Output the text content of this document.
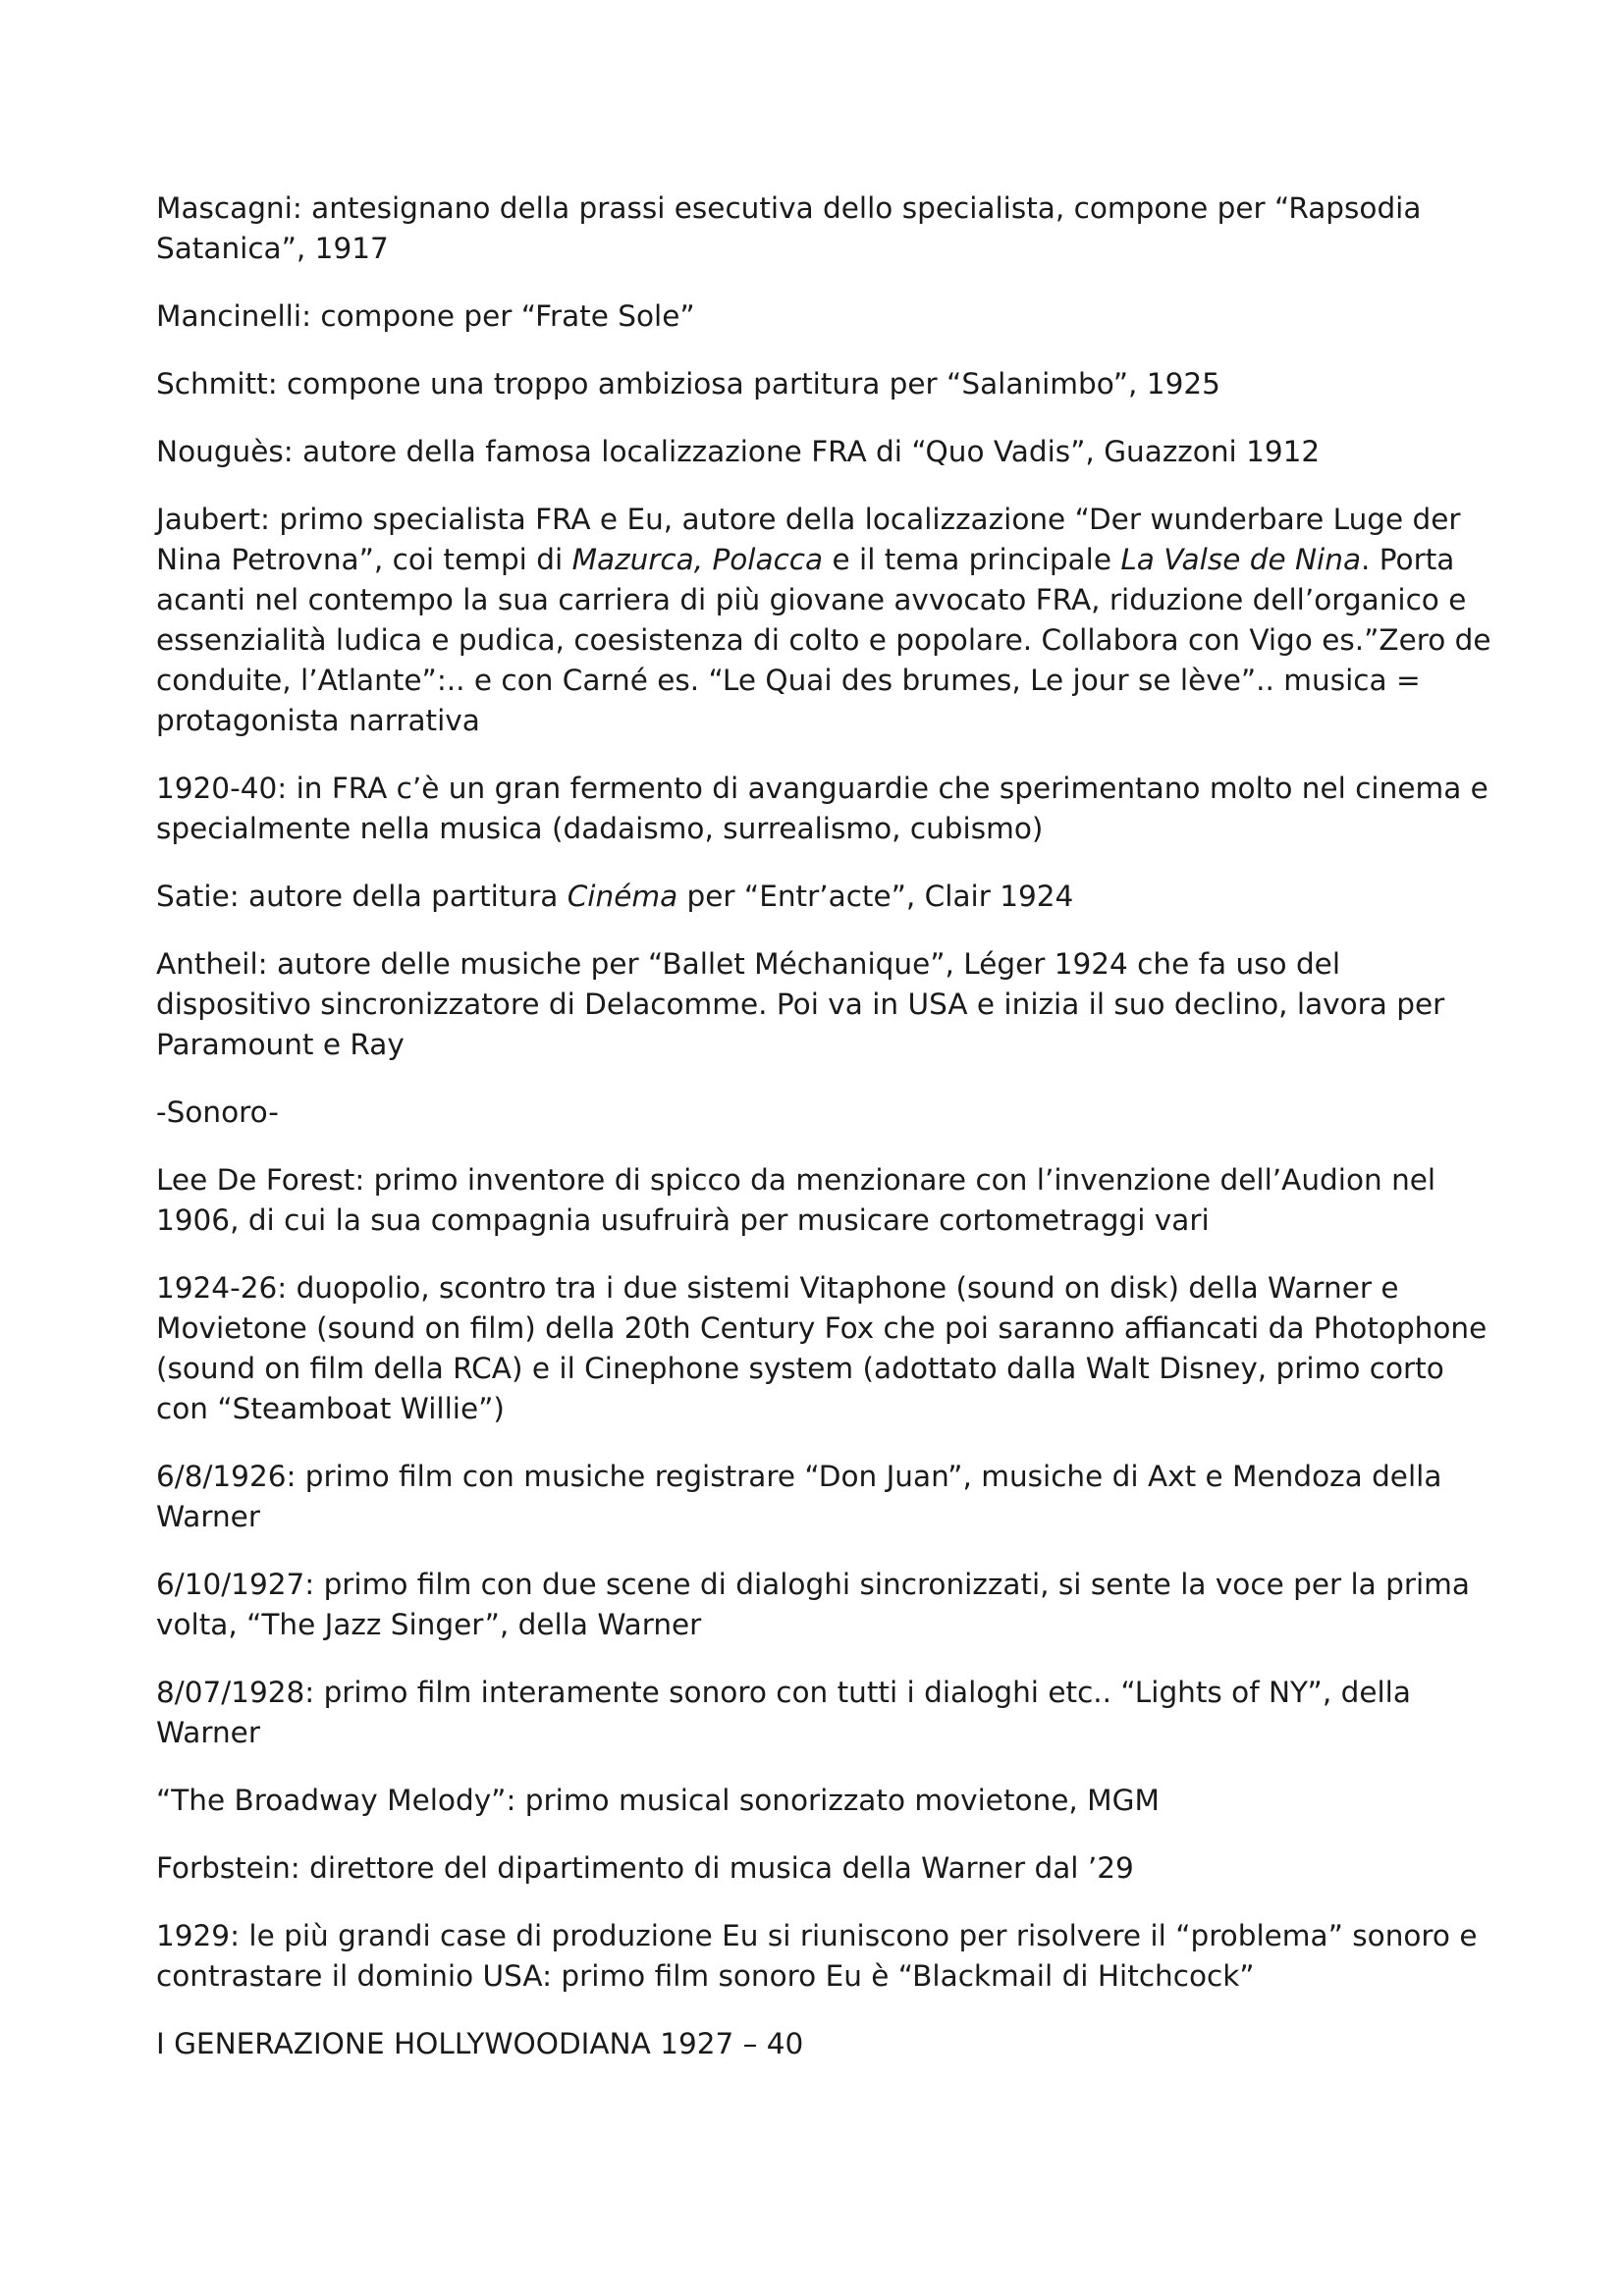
Mascagni: antesignano della prassi esecutiva dello specialista, compone per “Rapsodia Satanica”, 1917

Mancinelli: compone per “Frate Sole”

Schmitt: compone una troppo ambiziosa partitura per “Salanimbo”, 1925

Nouguès: autore della famosa localizzazione FRA di “Quo Vadis”, Guazzoni 1912

Jaubert: primo specialista FRA e Eu, autore della localizzazione “Der wunderbare Luge der Nina Petrovna”, coi tempi di Mazurca, Polacca e il tema principale La Valse de Nina. Porta acanti nel contempo la sua carriera di più giovane avvocato FRA, riduzione dell’organico e essenzialità ludica e pudica, coesistenza di colto e popolare. Collabora con Vigo es.”Zero de conduite, l’Atlante”:.. e con Carné es. “Le Quai des brumes, Le jour se lève”.. musica = protagonista narrativa

1920-40: in FRA c’è un gran fermento di avanguardie che sperimentano molto nel cinema e specialmente nella musica (dadaismo, surrealismo, cubismo)

Satie: autore della partitura Cinéma per “Entr’acte”, Clair 1924

Antheil: autore delle musiche per “Ballet Méchanique”, Léger 1924 che fa uso del dispositivo sincronizzatore di Delacomme. Poi va in USA e inizia il suo declino, lavora per Paramount e Ray

-Sonoro-

Lee De Forest: primo inventore di spicco da menzionare con l’invenzione dell’Audion nel 1906, di cui la sua compagnia usufruirà per musicare cortometraggi vari

1924-26: duopolio, scontro tra i due sistemi Vitaphone (sound on disk) della Warner e Movietone (sound on film) della 20th Century Fox che poi saranno affiancati da Photophone (sound on film della RCA) e il Cinephone system (adottato dalla Walt Disney, primo corto con “Steamboat Willie”)

6/8/1926: primo film con musiche registrare “Don Juan”, musiche di Axt e Mendoza della Warner

6/10/1927: primo film con due scene di dialoghi sincronizzati, si sente la voce per la prima volta, “The Jazz Singer”, della Warner

8/07/1928: primo film interamente sonoro con tutti i dialoghi etc.. “Lights of NY”, della Warner

“The Broadway Melody”: primo musical sonorizzato movietone, MGM

Forbstein: direttore del dipartimento di musica della Warner dal ’29

1929: le più grandi case di produzione Eu si riuniscono per risolvere il “problema” sonoro e contrastare il dominio USA: primo film sonoro Eu è “Blackmail di Hitchcock”

I GENERAZIONE HOLLYWOODIANA 1927 – 40
